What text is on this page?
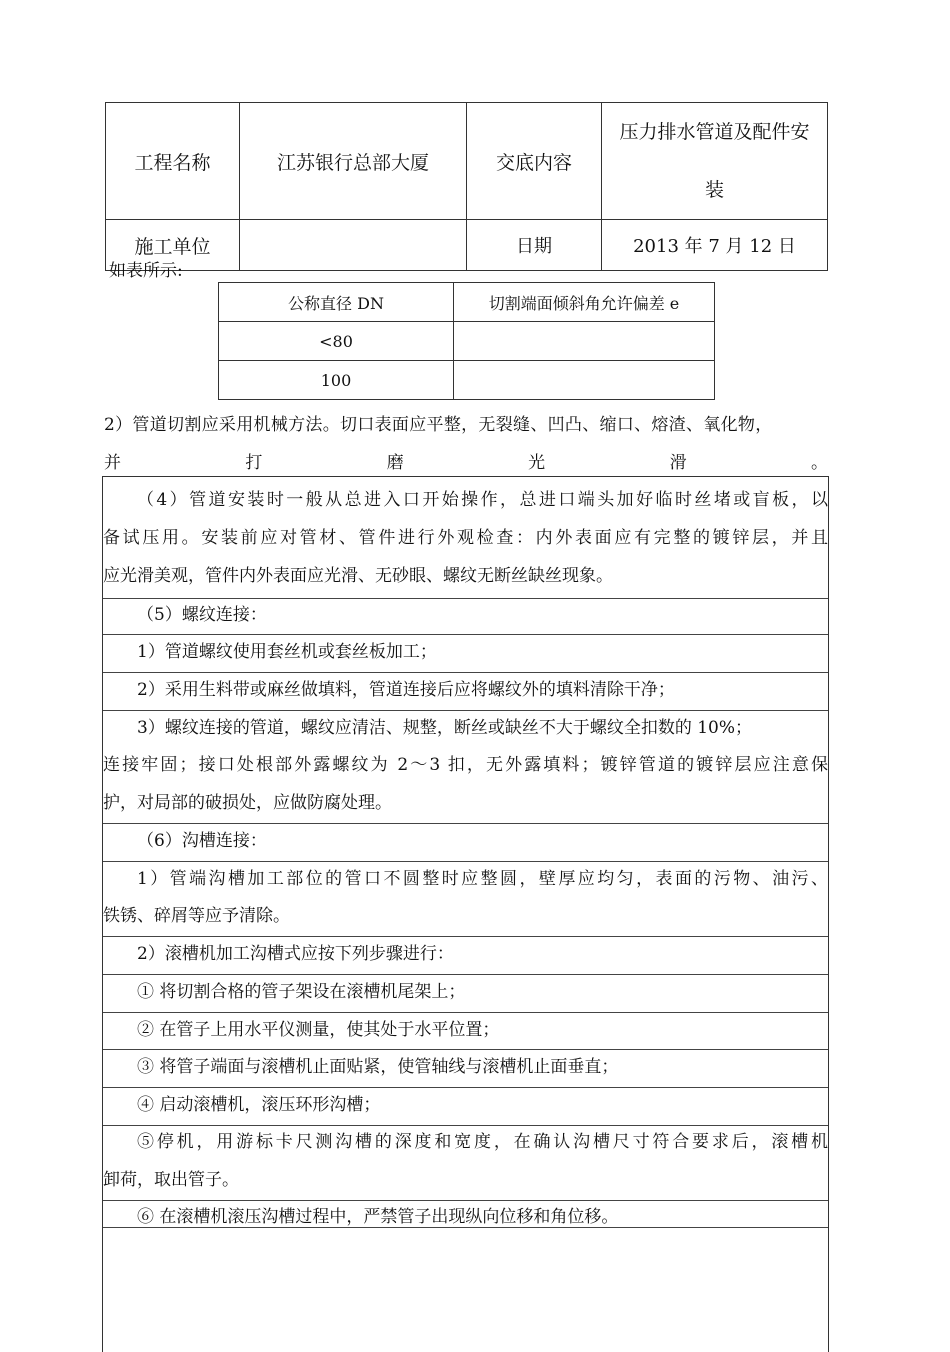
工程名称	江苏银行总部大厦	交底内容	压力排水管道及配件安
装

施工单位		日期	2013 年 7 月 12 日
如表所示:
公称直径 DN	切割端面倾斜角允许偏差 e
<80	
100	
2）管道切割应采用机械方法。切口表面应平整，无裂缝、凹凸、缩口、熔渣、氧化物，
并	打	磨	光	滑	。
（4）管道安装时一般从总进入口开始操作，总进口端头加好临时丝堵或盲板，以
备试压用。安装前应对管材、管件进行外观检查：内外表面应有完整的镀锌层，并且
应光滑美观，管件内外表面应光滑、无砂眼、螺纹无断丝缺丝现象。
（5）螺纹连接：
1）管道螺纹使用套丝机或套丝板加工；
2）采用生料带或麻丝做填料，管道连接后应将螺纹外的填料清除干净；
3）螺纹连接的管道，螺纹应清洁、规整，断丝或缺丝不大于螺纹全扣数的 10%；
连接牢固；接口处根部外露螺纹为 2～3 扣，无外露填料；镀锌管道的镀锌层应注意保
护，对局部的破损处，应做防腐处理。
（6）沟槽连接：
1）管端沟槽加工部位的管口不圆整时应整圆，壁厚应均匀，表面的污物、油污、
铁锈、碎屑等应予清除。
2）滚槽机加工沟槽式应按下列步骤进行：
① 将切割合格的管子架设在滚槽机尾架上；
② 在管子上用水平仪测量，使其处于水平位置；
③ 将管子端面与滚槽机止面贴紧，使管轴线与滚槽机止面垂直；
④ 启动滚槽机，滚压环形沟槽；
⑤停机，用游标卡尺测沟槽的深度和宽度，在确认沟槽尺寸符合要求后，滚槽机
卸荷，取出管子。
⑥ 在滚槽机滚压沟槽过程中，严禁管子出现纵向位移和角位移。
